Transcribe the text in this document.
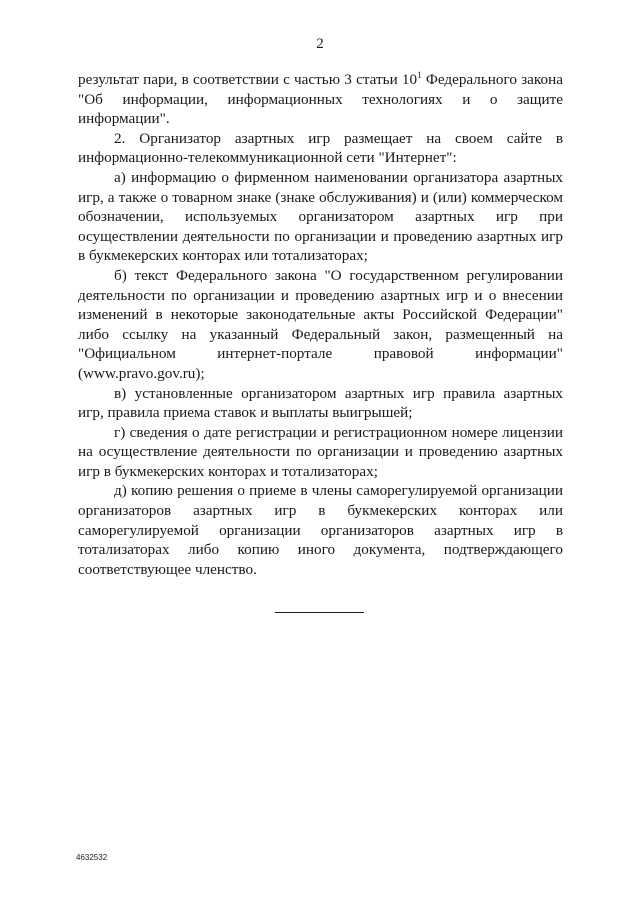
2

результат пари, в соответствии с частью 3 статьи $10^1$ Федерального закона "Об информации, информационных технологиях и о защите информации".

2. Организатор азартных игр размещает на своем сайте в информационно-телекоммуникационной сети "Интернет":

а) информацию о фирменном наименовании организатора азартных игр, а также о товарном знаке (знаке обслуживания) и (или) коммерческом обозначении, используемых организатором азартных игр при осуществлении деятельности по организации и проведению азартных игр в букмекерских конторах или тотализаторах;

б) текст Федерального закона "О государственном регулировании деятельности по организации и проведению азартных игр и о внесении изменений в некоторые законодательные акты Российской Федерации" либо ссылку на указанный Федеральный закон, размещенный на "Официальном интернет-портале правовой информации" (www.pravo.gov.ru);

в) установленные организатором азартных игр правила азартных игр, правила приема ставок и выплаты выигрышей;

г) сведения о дате регистрации и регистрационном номере лицензии на осуществление деятельности по организации и проведению азартных игр в букмекерских конторах и тотализаторах;

д) копию решения о приеме в члены саморегулируемой организации организаторов азартных игр в букмекерских конторах или саморегулируемой организации организаторов азартных игр в тотализаторах либо копию иного документа, подтверждающего соответствующее членство.

4632532
